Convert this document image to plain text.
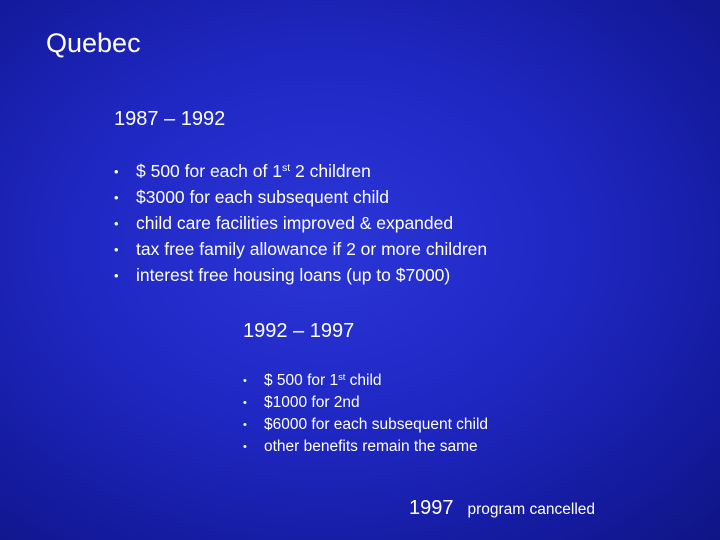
Quebec
1987 – 1992
• $ 500 for each of 1st 2 children
• $3000 for each subsequent child
• child care facilities improved & expanded
• tax free family allowance if 2 or more children
• interest free housing loans (up to $7000)
1992 – 1997
• $ 500 for 1st child
• $1000 for 2nd
• $6000 for each subsequent child
• other benefits remain the same
1997 program cancelled
